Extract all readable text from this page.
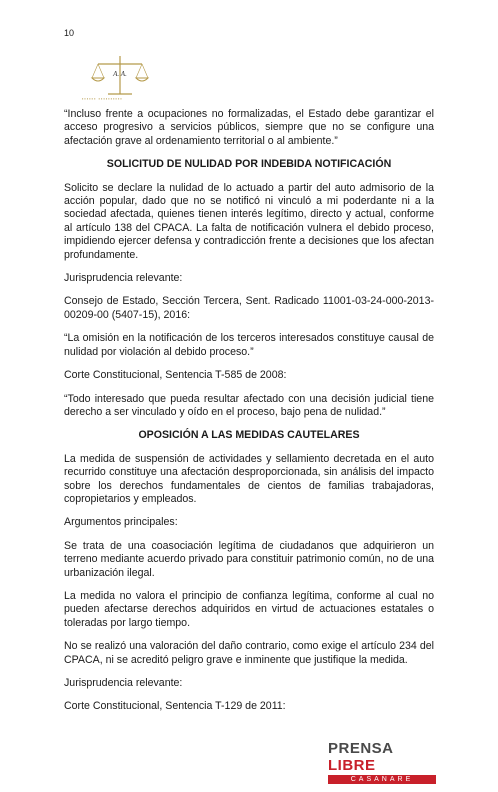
10
A. A.
▪▪▪▪▪▪ ▪▪▪▪▪▪▪▪▪▪

“Incluso frente a ocupaciones no formalizadas, el Estado debe garantizar el acceso progresivo a servicios públicos, siempre que no se configure una afectación grave al ordenamiento territorial o al ambiente.”

SOLICITUD DE NULIDAD POR INDEBIDA NOTIFICACIÓN

Solicito se declare la nulidad de lo actuado a partir del auto admisorio de la acción popular, dado que no se notificó ni vinculó a mi poderdante ni a la sociedad afectada, quienes tienen interés legítimo, directo y actual, conforme al artículo 138 del CPACA. La falta de notificación vulnera el debido proceso, impidiendo ejercer defensa y contradicción frente a decisiones que los afectan profundamente.

Jurisprudencia relevante:

Consejo de Estado, Sección Tercera, Sent. Radicado 11001-03-24-000-2013-00209-00 (5407-15), 2016:

“La omisión en la notificación de los terceros interesados constituye causal de nulidad por violación al debido proceso.”

Corte Constitucional, Sentencia T-585 de 2008:

“Todo interesado que pueda resultar afectado con una decisión judicial tiene derecho a ser vinculado y oído en el proceso, bajo pena de nulidad.”

OPOSICIÓN A LAS MEDIDAS CAUTELARES

La medida de suspensión de actividades y sellamiento decretada en el auto recurrido constituye una afectación desproporcionada, sin análisis del impacto sobre los derechos fundamentales de cientos de familias trabajadoras, copropietarios y empleados.

Argumentos principales:

Se trata de una coasociación legítima de ciudadanos que adquirieron un terreno mediante acuerdo privado para constituir patrimonio común, no de una urbanización ilegal.

La medida no valora el principio de confianza legítima, conforme al cual no pueden afectarse derechos adquiridos en virtud de actuaciones estatales o toleradas por largo tiempo.

No se realizó una valoración del daño contrario, como exige el artículo 234 del CPACA, ni se acreditó peligro grave e inminente que justifique la medida.

Jurisprudencia relevante:

Corte Constitucional, Sentencia T-129 de 2011:

PRENSA LIBRE
CASANARE
